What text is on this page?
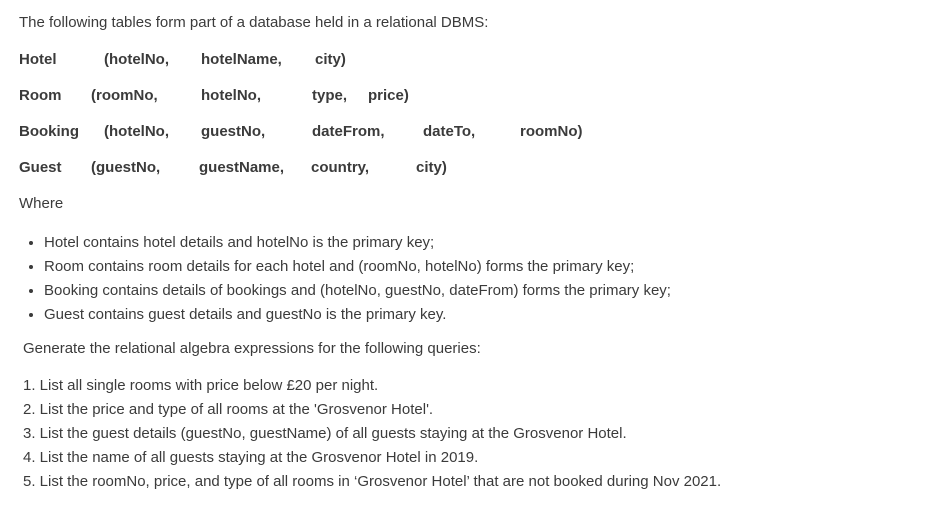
The following tables form part of a database held in a relational DBMS:
Hotel	(hotelNo, hotelName, city)
Room (roomNo,	hotelNo,	type, price)
Booking (hotelNo, guestNo,	dateFrom,	dateTo,	roomNo)
Guest (guestNo,	guestName, country,	city)
Where
• Hotel contains hotel details and hotelNo is the primary key;
• Room contains room details for each hotel and (roomNo, hotelNo) forms the primary key;
• Booking contains details of bookings and (hotelNo, guestNo, dateFrom) forms the primary key;
• Guest contains guest details and guestNo is the primary key.
Generate the relational algebra expressions for the following queries:
1. List all single rooms with price below £20 per night.
2. List the price and type of all rooms at the 'Grosvenor Hotel'.
3. List the guest details (guestNo, guestName) of all guests staying at the Grosvenor Hotel.
4. List the name of all guests staying at the Grosvenor Hotel in 2019.
5. List the roomNo, price, and type of all rooms in ‘Grosvenor Hotel’ that are not booked during Nov 2021.
